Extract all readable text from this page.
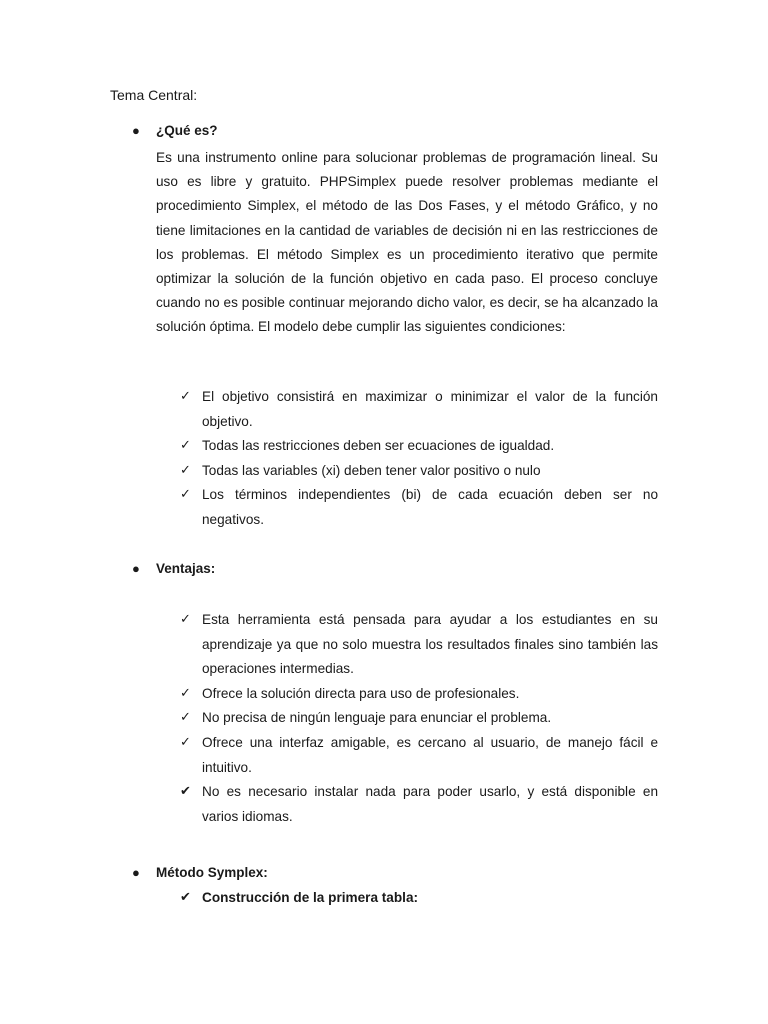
Tema Central:
● ¿Qué es?
Es una instrumento online para solucionar problemas de programación lineal. Su uso es libre y gratuito. PHPSimplex puede resolver problemas mediante el procedimiento Simplex, el método de las Dos Fases, y el método Gráfico, y no tiene limitaciones en la cantidad de variables de decisión ni en las restricciones de los problemas. El método Simplex es un procedimiento iterativo que permite optimizar la solución de la función objetivo en cada paso. El proceso concluye cuando no es posible continuar mejorando dicho valor, es decir, se ha alcanzado la solución óptima. El modelo debe cumplir las siguientes condiciones:
✓ El objetivo consistirá en maximizar o minimizar el valor de la función objetivo.
✓ Todas las restricciones deben ser ecuaciones de igualdad.
✓ Todas las variables (xi) deben tener valor positivo o nulo
✓ Los términos independientes (bi) de cada ecuación deben ser no negativos.
● Ventajas:
✓ Esta herramienta está pensada para ayudar a los estudiantes en su aprendizaje ya que no solo muestra los resultados finales sino también las operaciones intermedias.
✓ Ofrece la solución directa para uso de profesionales.
✓ No precisa de ningún lenguaje para enunciar el problema.
✓ Ofrece una interfaz amigable, es cercano al usuario, de manejo fácil e intuitivo.
✔ No es necesario instalar nada para poder usarlo, y está disponible en varios idiomas.
● Método Symplex:
✔ Construcción de la primera tabla:
